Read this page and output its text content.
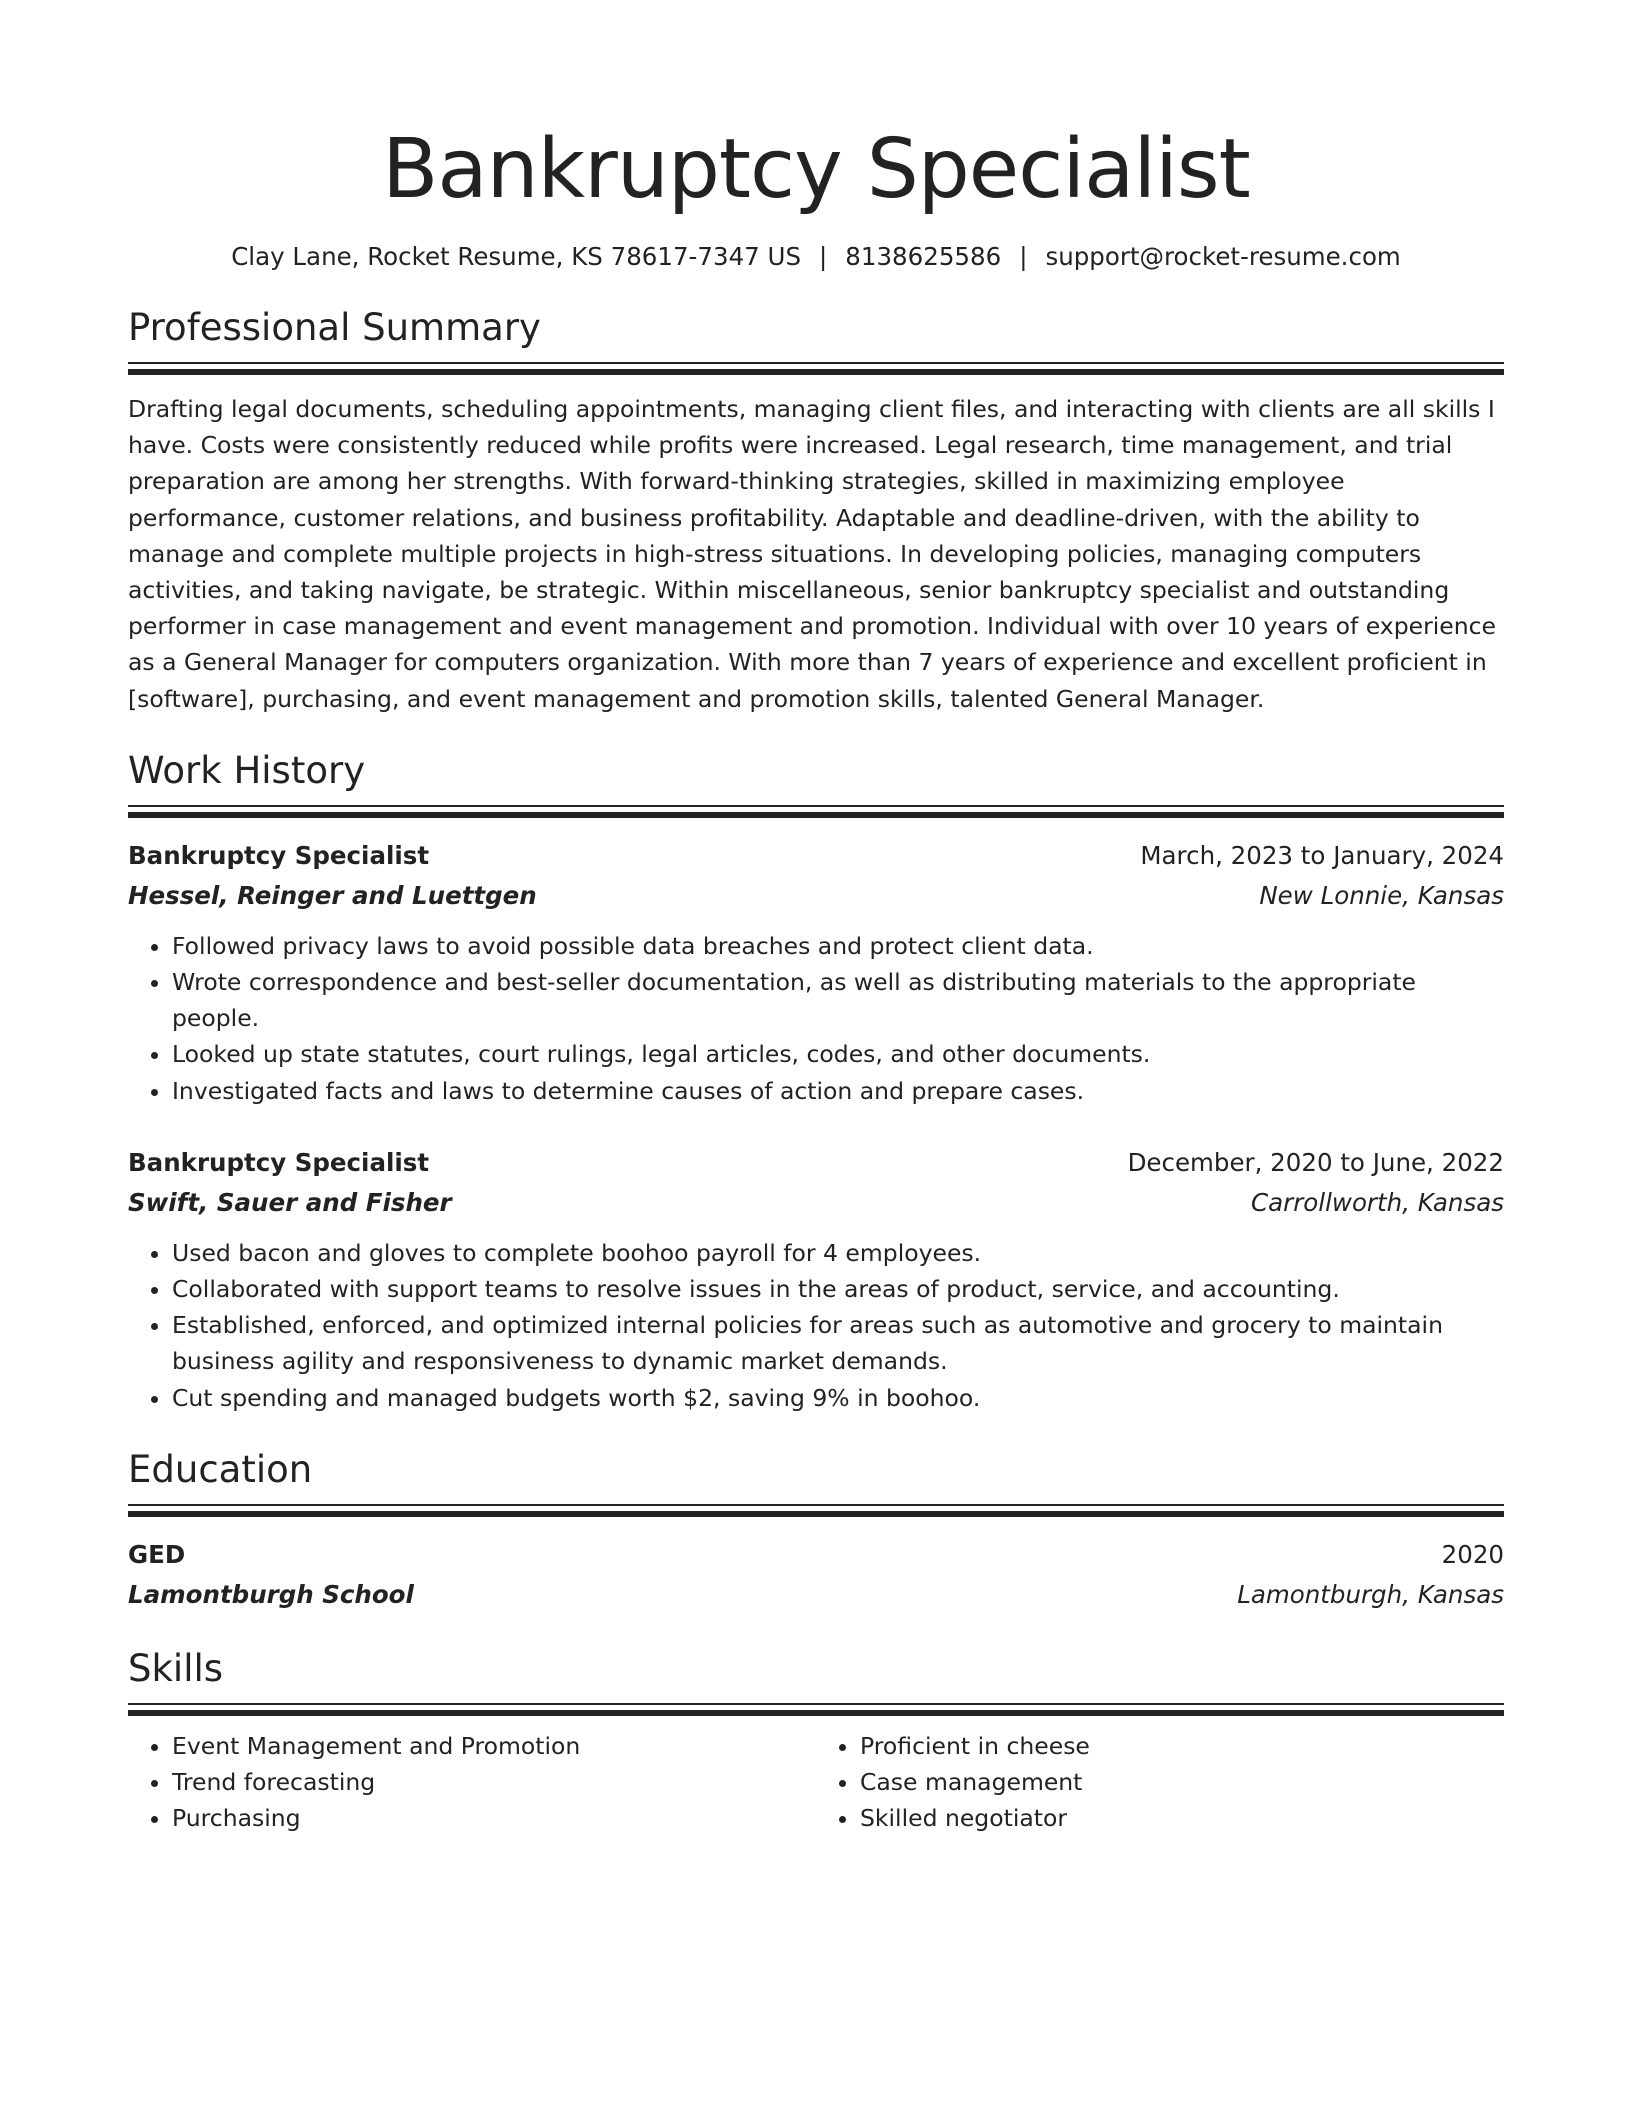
Bankruptcy Specialist
Clay Lane, Rocket Resume, KS 78617-7347 US | 8138625586 | support@rocket-resume.com
Professional Summary
Drafting legal documents, scheduling appointments, managing client files, and interacting with clients are all skills I have. Costs were consistently reduced while profits were increased. Legal research, time management, and trial preparation are among her strengths. With forward-thinking strategies, skilled in maximizing employee performance, customer relations, and business profitability. Adaptable and deadline-driven, with the ability to manage and complete multiple projects in high-stress situations. In developing policies, managing computers activities, and taking navigate, be strategic. Within miscellaneous, senior bankruptcy specialist and outstanding performer in case management and event management and promotion. Individual with over 10 years of experience as a General Manager for computers organization. With more than 7 years of experience and excellent proficient in [software], purchasing, and event management and promotion skills, talented General Manager.
Work History
Bankruptcy Specialist	March, 2023 to January, 2024
Hessel, Reinger and Luettgen	New Lonnie, Kansas
• Followed privacy laws to avoid possible data breaches and protect client data.
• Wrote correspondence and best-seller documentation, as well as distributing materials to the appropriate people.
• Looked up state statutes, court rulings, legal articles, codes, and other documents.
• Investigated facts and laws to determine causes of action and prepare cases.
Bankruptcy Specialist	December, 2020 to June, 2022
Swift, Sauer and Fisher	Carrollworth, Kansas
• Used bacon and gloves to complete boohoo payroll for 4 employees.
• Collaborated with support teams to resolve issues in the areas of product, service, and accounting.
• Established, enforced, and optimized internal policies for areas such as automotive and grocery to maintain business agility and responsiveness to dynamic market demands.
• Cut spending and managed budgets worth $2, saving 9% in boohoo.
Education
GED	2020
Lamontburgh School	Lamontburgh, Kansas
Skills
• Event Management and Promotion
• Trend forecasting
• Purchasing
• Proficient in cheese
• Case management
• Skilled negotiator
